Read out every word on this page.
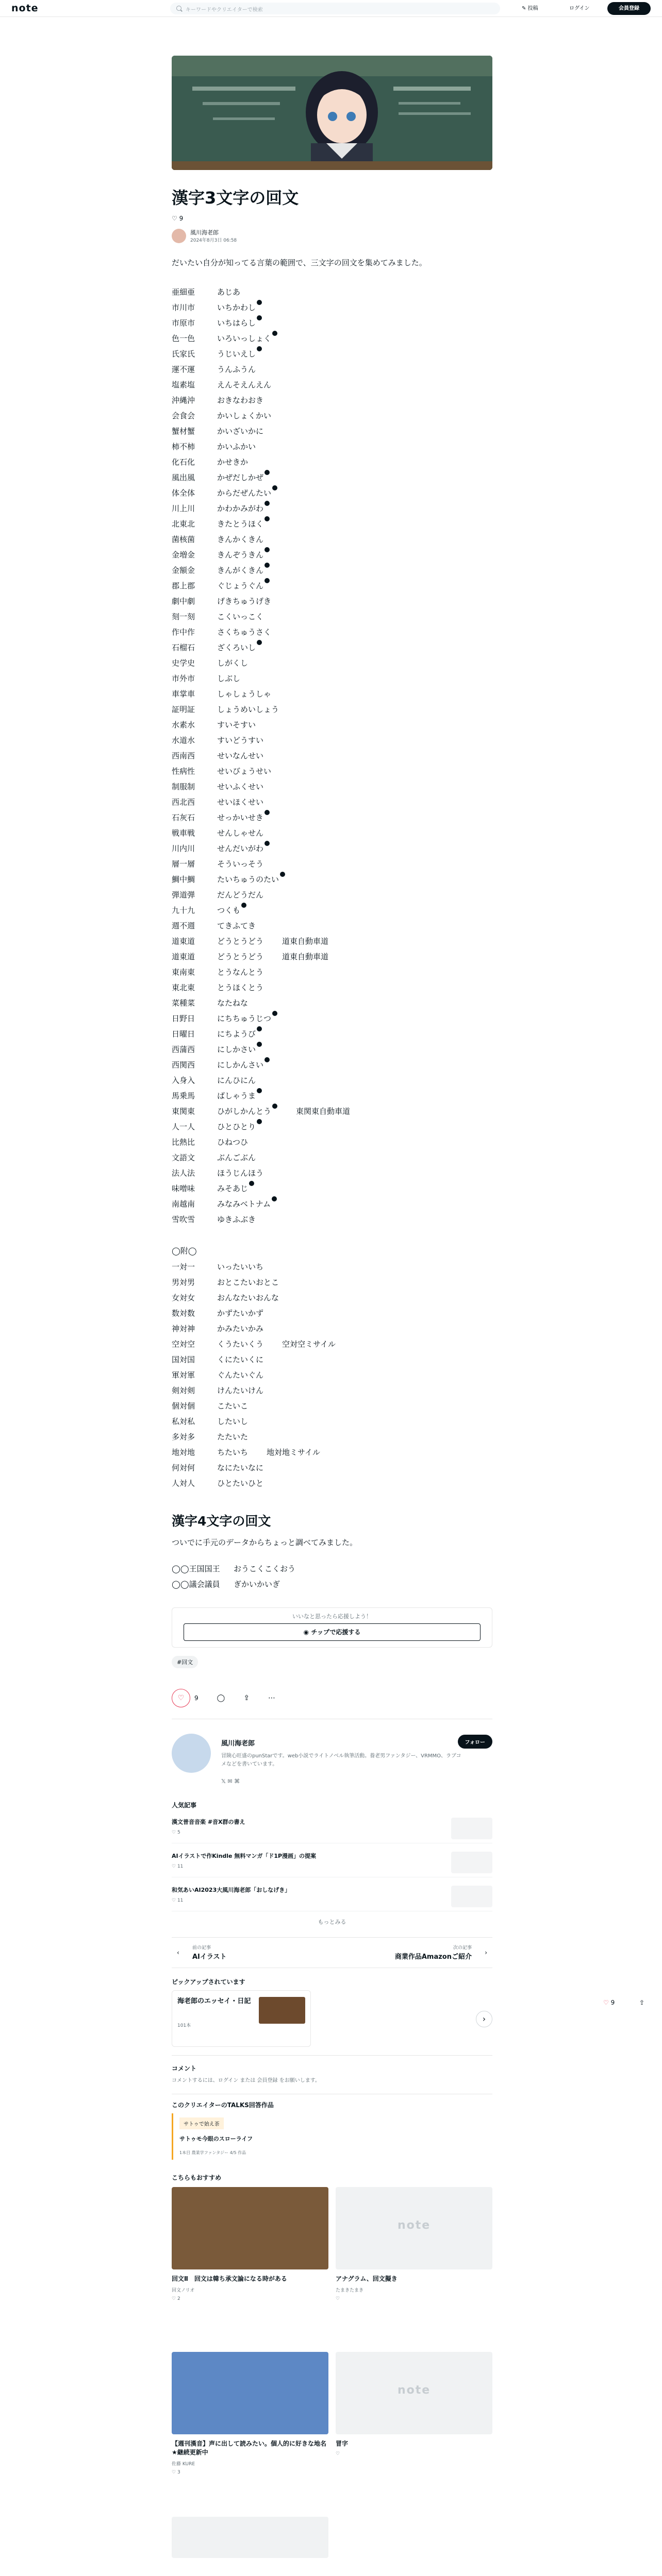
note	キーワードやクリエイターで検索	✎ 投稿	ログイン	会員登録
♡ 9	⇪
漢字3文字の回文
♡ 9
風川海老郎
2024年8月3日 06:58
だいたい自分が知ってる言葉の範囲で、三文字の回文を集めてみました。
亜細亜	あじあ
市川市	いちかわし
市原市	いちはらし
色一色	いろいっしょく
氏家氏	うじいえし
運不運	うんふうん
塩素塩	えんそえんえん
沖縄沖	おきなわおき
会食会	かいしょくかい
蟹材蟹	かいざいかに
柿不柿	かいふかい
化石化	かせきか
風出風	かぜだしかぜ
体全体	からだぜんたい
川上川	かわかみがわ
北東北	きたとうほく
菌核菌	きんかくきん
金増金	きんぞうきん
金額金	きんがくきん
郡上郡	ぐじょうぐん
劇中劇	げきちゅうげき
刻一刻	こくいっこく
作中作	さくちゅうさく
石榴石	ざくろいし
史学史	しがくし
市外市	しぶし
車掌車	しゃしょうしゃ
証明証	しょうめいしょう
水素水	すいそすい
水道水	すいどうすい
西南西	せいなんせい
性病性	せいびょうせい
制服制	せいふくせい
西北西	せいほくせい
石灰石	せっかいせき
戦車戦	せんしゃせん
川内川	せんだいがわ
層一層	そういっそう
鯛中鯛	たいちゅうのたい
弾道弾	だんどうだん
九十九	つくも
週不週	てきふてき
道東道	どうとうどう 道東自動車道
道東道	どうとうどう 道東自動車道
東南東	とうなんとう
東北東	とうほくとう
菜種菜	なたねな
日野日	にちちゅうじつ
日曜日	にちようび
西蒲西	にしかさい
西関西	にしかんさい
入身入	にんひにん
馬乗馬	ばしゃうま
東関東	ひがしかんとう	東関東自動車道
人一人	ひとひとり
比熱比	ひねつひ
文語文	ぶんごぶん
法人法	ほうじんほう
味噌味	みそあじ
南越南	みなみベトナム
雪吹雪	ゆきふぶき
◯附◯
一対一	いったいいち
男対男	おとこたいおとこ
女対女	おんなたいおんな
数対数	かずたいかず
神対神	かみたいかみ
空対空	くうたいくう 空対空ミサイル
国対国	くにたいくに
軍対軍	ぐんたいぐん
剣対剣	けんたいけん
個対個	こたいこ
私対私	したいし
多対多	たたいた
地対地	ちたいち 地対地ミサイル
何対何	なにたいなに
人対人	ひとたいひと
漢字4文字の回文
ついでに手元のデータからちょっと調べてみました。
◯◯王国国王	おうこくこくおう
◯◯議会議員	ぎかいかいぎ
いいなと思ったら応援しよう！
◉ チップで応援する
#回文
♡	9	◯	⇪	⋯
風川海老郎	フォロー
冒険心旺盛のpunStarです。web小説でライトノベル執筆活動。養老男ファンタジー、VRMMO、ラブコメなどを書いています。
𝕏 ✉ ⌘
人気記事
漢文普音音楽 #音X群の書え
♡ 5
AIイラストで作Kindle 無料マンガ「ド1P漫画」の提案
♡ 11
和気あいAI2023大風川海老郎「おしなげき」
♡ 11
もっとみる
‹
前の記事
AIイラスト
次の記事
商業作品Amazonご紹介
›
ピックアップされています
海老郎のエッセイ・日記
101本
›
コメント
コメントするには、ログイン または 会員登録 をお願いします。
このクリエイターのTALKS回答作品
サトゥで始え茶
サトゥモ今眼のスローライフ
1本目 農業学ファンタジー 4/5 作品
こちらもおすすめ
回文Ⅱ　回文は韓ち承文論になる時がある
回文ノリオ
♡ 2
note
アナグラム、回文擬き
たまきたまき
♡
【週刊漢音】声に出して読みたい。個人的に好きな地名 ★継続更新中
佐藤 KURE
♡ 3
note
冒字
♡
